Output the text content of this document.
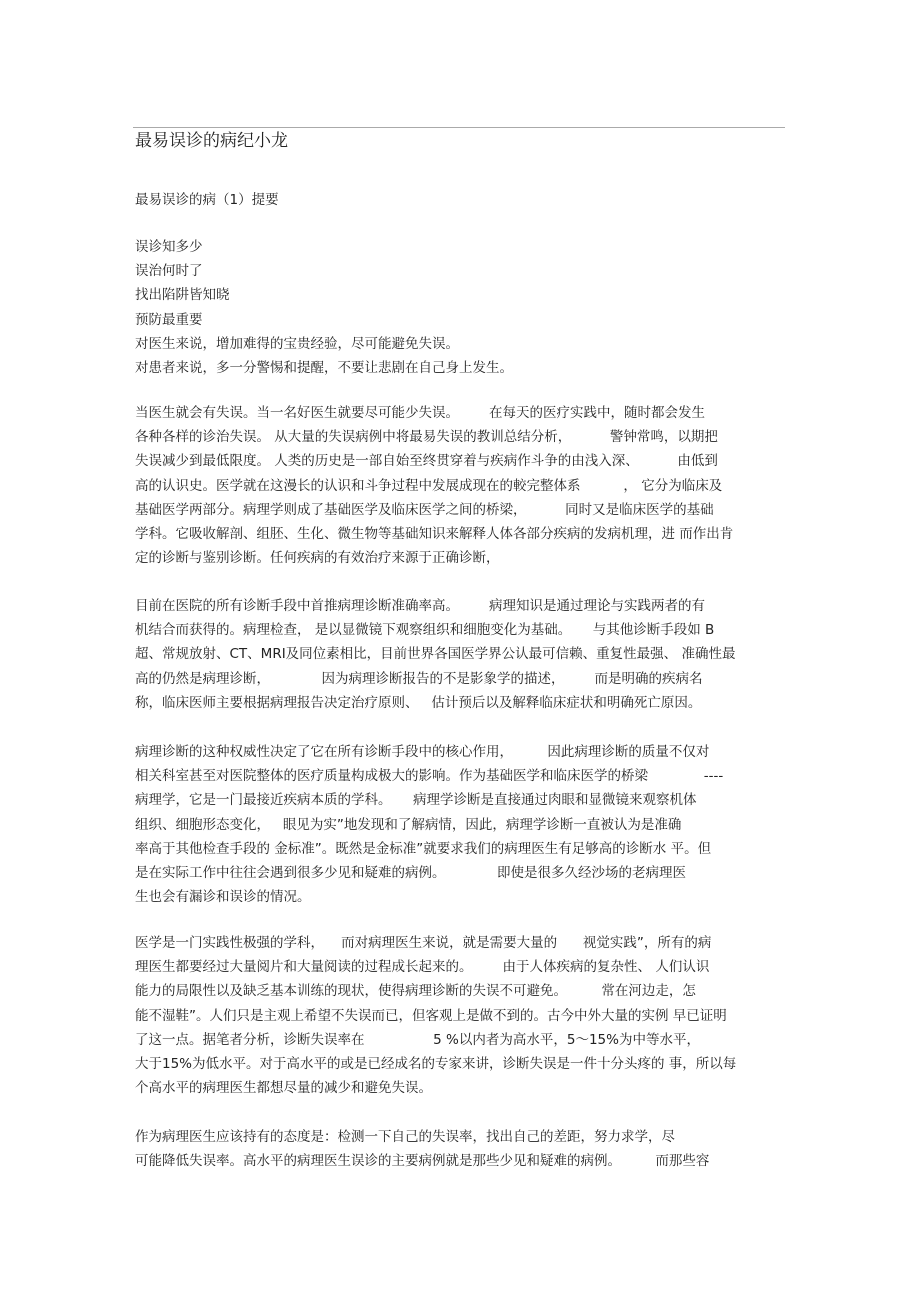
最易误诊的病纪小龙
最易误诊的病（1）提要
误诊知多少
误治何时了
找出陷阱皆知晓
预防最重要
对医生来说，增加难得的宝贵经验，尽可能避免失误。
对患者来说，多一分警惕和提醒，不要让悲剧在自己身上发生。
当医生就会有失误。当一名好医生就要尽可能少失误。       在每天的医疗实践中，随时都会发生
各种各样的诊治失误。 从大量的失误病例中将最易失误的教训总结分析，         警钟常鸣，以期把
失误减少到最低限度。 人类的历史是一部自始至终贯穿着与疾病作斗争的由浅入深、         由低到
高的认识史。医学就在这漫长的认识和斗争过程中发展成现在的較完整体系          ， 它分为临床及
基础医学两部分。病理学则成了基础医学及临床医学之间的桥梁，         同时又是临床医学的基础
学科。它吸收解剖、组胚、生化、微生物等基础知识来解释人体各部分疾病的发病机理，进 而作出肯
定的诊断与鉴别诊断。任何疾病的有效治疗来源于正确诊断，
目前在医院的所有诊断手段中首推病理诊断准确率高。       病理知识是通过理论与实践两者的有
机结合而获得的。病理检查， 是以显微镜下观察组织和细胞变化为基础。     与其他诊断手段如 B
超、常规放射、CT、MRI及同位素相比，目前世界各国医学界公认最可信赖、重复性最强、 准确性最
高的仍然是病理诊断，            因为病理诊断报告的不是影象学的描述，       而是明确的疾病名
称，临床医师主要根据病理报告决定治疗原则、   估计预后以及解释临床症状和明确死亡原因。
病理诊断的这种权威性决定了它在所有诊断手段中的核心作用，        因此病理诊断的质量不仅对
相关科室甚至对医院整体的医疗质量构成极大的影响。作为基础医学和临床医学的桥梁             ----
病理学，它是一门最接近疾病本质的学科。     病理学诊断是直接通过肉眼和显微镜来观察机体
组织、细胞形态变化，   眼见为实”地发现和了解病情，因此，病理学诊断一直被认为是准确
率高于其他检查手段的 金标准”。既然是金标准”就要求我们的病理医生有足够高的诊断水 平。但
是在实际工作中往往会遇到很多少见和疑难的病例。            即使是很多久经沙场的老病理医
生也会有漏诊和误诊的情况。
医学是一门实践性极强的学科，    而对病理医生来说，就是需要大量的      视觉实践”，所有的病
理医生都要经过大量阅片和大量阅读的过程成长起来的。       由于人体疾病的复杂性、 人们认识
能力的局限性以及缺乏基本训练的现状，使得病理诊断的失误不可避免。        常在河边走，怎
能不湿鞋”。人们只是主观上希望不失误而已，但客观上是做不到的。古今中外大量的实例 早已证明
了这一点。据笔者分析，诊断失误率在                5 %以内者为高水平，5～15%为中等水平，
大于15%为低水平。对于高水平的或是已经成名的专家来讲，诊断失误是一件十分头疼的 事，所以每
个高水平的病理医生都想尽量的减少和避免失误。
作为病理医生应该持有的态度是：检测一下自己的失误率，找出自己的差距，努力求学，尽
可能降低失误率。高水平的病理医生误诊的主要病例就是那些少见和疑难的病例。        而那些容
